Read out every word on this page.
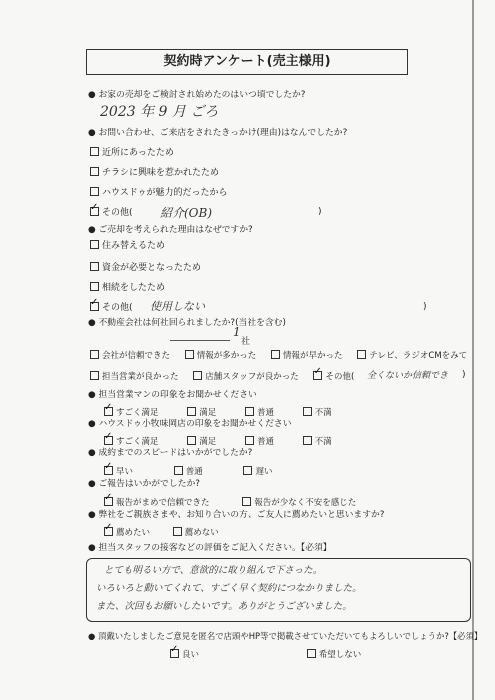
契約時アンケート(売主様用)
● お家の売却をご検討され始めたのはいつ頃でしたか?
2023 年 9 月 ごろ
● お問い合わせ、ご来店をされたきっかけ(理由)はなんでしたか?
近所にあったため
チラシに興味を惹かれたため
ハウスドゥが魅力的だったから
✓その他( 紹介(OB)	)
● ご売却を考えられた理由はなぜですか?
住み替えるため
資金が必要となったため
相続をしたため
✓その他( 使用しない	)
● 不動産会社は何社回られましたか?(当社を含む)
1
社
会社が信頼できた	情報が多かった	情報が早かった	テレビ、ラジオCMをみて
担当営業が良かった	店舗スタッフが良かった ✓	その他(	全くないか信頼でき )
● 担当営業マンの印象をお聞かせください
✓すごく満足	満足	普通	不満
● ハウスドゥ小牧味岡店の印象をお聞かせください
✓すごく満足	満足	普通	不満
● 成約までのスピードはいかがでしたか?
✓早い	普通	遅い
● ご報告はいかがでしたか?
✓報告がまめで信頼できた	報告が少なく不安を感じた
● 弊社をご親族さまや、お知り合いの方、ご友人に薦めたいと思いますか?
✓薦めたい	薦めない
● 担当スタッフの接客などの評価をご記入ください。【必須】
とても明るい方で、意欲的に取り組んで下さった。
いろいろと動いてくれて、すごく早く契約につなかりました。
また、次回もお願いしたいです。ありがとうございました。
● 頂戴いたしましたご意見を匿名で店頭やHP等で掲載させていただいてもよろしいでしょうか?【必須】
✓良い	希望しない
